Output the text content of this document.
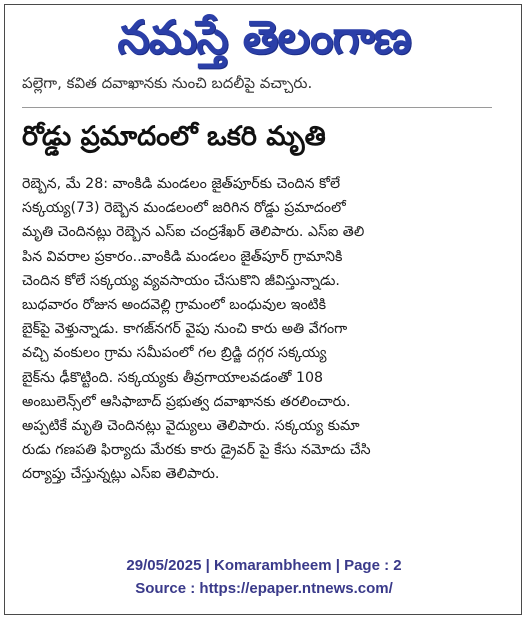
నమస్తే తెలంగాణ
పల్లెగా, కవిత దవాఖానకు నుంచి బదలీపై వచ్చారు.
రోడ్డు ప్రమాదంలో ఒకరి మృతి
రెబ్బెన, మే 28: వాంకిడి మండలం జైత్‌పూర్‌కు చెందిన కోలే
సక్కయ్య(73) రెబ్బెన మండలంలో జరిగిన రోడ్డు ప్రమాదంలో
మృతి చెందినట్లు రెబ్బెన ఎస్‌ఐ చంద్రశేఖర్ తెలిపారు. ఎస్‌ఐ తెలి
పిన వివరాల ప్రకారం..వాంకిడి మండలం జైత్‌పూర్ గ్రామానికి
చెందిన కోలే సక్కయ్య వ్యవసాయం చేసుకొని జీవిస్తున్నాడు.
బుధవారం రోజున అందవెల్లి గ్రామంలో బంధువుల ఇంటికి
బైక్‌పై వెళ్తున్నాడు. కాగజ్‌నగర్ వైపు నుంచి కారు అతి వేగంగా
వచ్చి వంకులం గ్రామ సమీపంలో గల బ్రిడ్జి దగ్గర సక్కయ్య
బైక్‌ను ఢీకొట్టింది. సక్కయ్యకు తీవ్రగాయాలవడంతో 108
అంబులెన్స్‌లో ఆసిఫాబాద్ ప్రభుత్వ దవాఖానకు తరలించారు.
అప్పటికే మృతి చెందినట్లు వైద్యులు తెలిపారు. సక్కయ్య కుమా
రుడు గణపతి ఫిర్యాదు మేరకు కారు డ్రైవర్ పై కేసు నమోదు చేసి
దర్యాప్తు చేస్తున్నట్లు ఎస్‌ఐ తెలిపారు.
29/05/2025 | Komarambheem | Page : 2
Source : https://epaper.ntnews.com/
